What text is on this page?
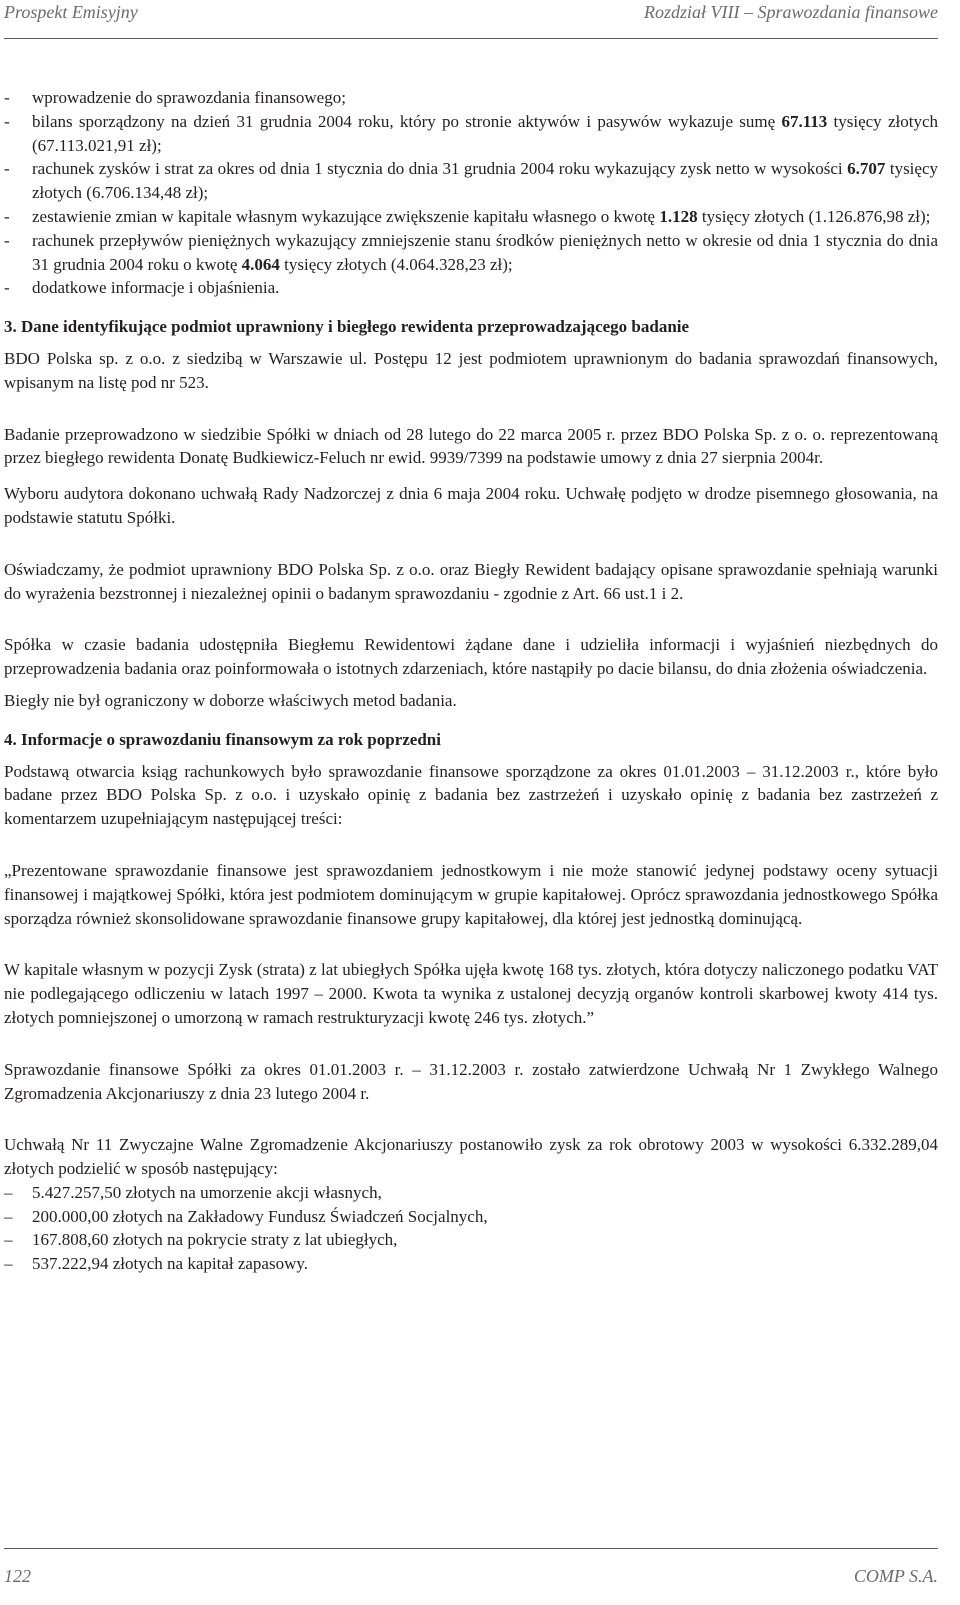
Prospekt Emisyjny	Rozdział VIII – Sprawozdania finansowe
- wprowadzenie do sprawozdania finansowego;
- bilans sporządzony na dzień 31 grudnia 2004 roku, który po stronie aktywów i pasywów wykazuje sumę 67.113 tysięcy złotych (67.113.021,91 zł);
- rachunek zysków i strat za okres od dnia 1 stycznia do dnia 31 grudnia 2004 roku wykazujący zysk netto w wysokości 6.707 tysięcy złotych (6.706.134,48 zł);
- zestawienie zmian w kapitale własnym wykazujące zwiększenie kapitału własnego o kwotę 1.128 tysięcy złotych (1.126.876,98 zł);
- rachunek przepływów pieniężnych wykazujący zmniejszenie stanu środków pieniężnych netto w okresie od dnia 1 stycznia do dnia 31 grudnia 2004 roku o kwotę 4.064 tysięcy złotych (4.064.328,23 zł);
- dodatkowe informacje i objaśnienia.

3. Dane identyfikujące podmiot uprawniony i biegłego rewidenta przeprowadzającego badanie

BDO Polska sp. z o.o. z siedzibą w Warszawie ul. Postępu 12 jest podmiotem uprawnionym do badania sprawozdań finansowych, wpisanym na listę pod nr 523.

Badanie przeprowadzono w siedzibie Spółki w dniach od 28 lutego do 22 marca 2005 r. przez BDO Polska Sp. z o. o. reprezentowaną przez biegłego rewidenta Donatę Budkiewicz-Feluch nr ewid. 9939/7399 na podstawie umowy z dnia 27 sierpnia 2004r.

Wyboru audytora dokonano uchwałą Rady Nadzorczej z dnia 6 maja 2004 roku. Uchwałę podjęto w drodze pisemnego głosowania, na podstawie statutu Spółki.

Oświadczamy, że podmiot uprawniony BDO Polska Sp. z o.o. oraz Biegły Rewident badający opisane sprawozdanie spełniają warunki do wyrażenia bezstronnej i niezależnej opinii o badanym sprawozdaniu - zgodnie z Art. 66 ust.1 i 2.

Spółka w czasie badania udostępniła Biegłemu Rewidentowi żądane dane i udzieliła informacji i wyjaśnień niezbędnych do przeprowadzenia badania oraz poinformowała o istotnych zdarzeniach, które nastąpiły po dacie bilansu, do dnia złożenia oświadczenia.

Biegły nie był ograniczony w doborze właściwych metod badania.

4. Informacje o sprawozdaniu finansowym za rok poprzedni

Podstawą otwarcia ksiąg rachunkowych było sprawozdanie finansowe sporządzone za okres 01.01.2003 – 31.12.2003 r., które było badane przez BDO Polska Sp. z o.o. i uzyskało opinię z badania bez zastrzeżeń i uzyskało opinię z badania bez zastrzeżeń z komentarzem uzupełniającym następującej treści:

„Prezentowane sprawozdanie finansowe jest sprawozdaniem jednostkowym i nie może stanowić jedynej podstawy oceny sytuacji finansowej i majątkowej Spółki, która jest podmiotem dominującym w grupie kapitałowej. Oprócz sprawozdania jednostkowego Spółka sporządza również skonsolidowane sprawozdanie finansowe grupy kapitałowej, dla której jest jednostką dominującą.

W kapitale własnym w pozycji Zysk (strata) z lat ubiegłych Spółka ujęła kwotę 168 tys. złotych, która dotyczy naliczonego podatku VAT nie podlegającego odliczeniu w latach 1997 – 2000. Kwota ta wynika z ustalonej decyzją organów kontroli skarbowej kwoty 414 tys. złotych pomniejszonej o umorzoną w ramach restrukturyzacji kwotę 246 tys. złotych.”

Sprawozdanie finansowe Spółki za okres 01.01.2003 r. – 31.12.2003 r. zostało zatwierdzone Uchwałą Nr 1 Zwykłego Walnego Zgromadzenia Akcjonariuszy z dnia 23 lutego 2004 r.

Uchwałą Nr 11 Zwyczajne Walne Zgromadzenie Akcjonariuszy postanowiło zysk za rok obrotowy 2003 w wysokości 6.332.289,04 złotych podzielić w sposób następujący:

– 5.427.257,50 złotych na umorzenie akcji własnych,
– 200.000,00 złotych na Zakładowy Fundusz Świadczeń Socjalnych,
– 167.808,60 złotych na pokrycie straty z lat ubiegłych,
– 537.222,94 złotych na kapitał zapasowy.
122	COMP S.A.
